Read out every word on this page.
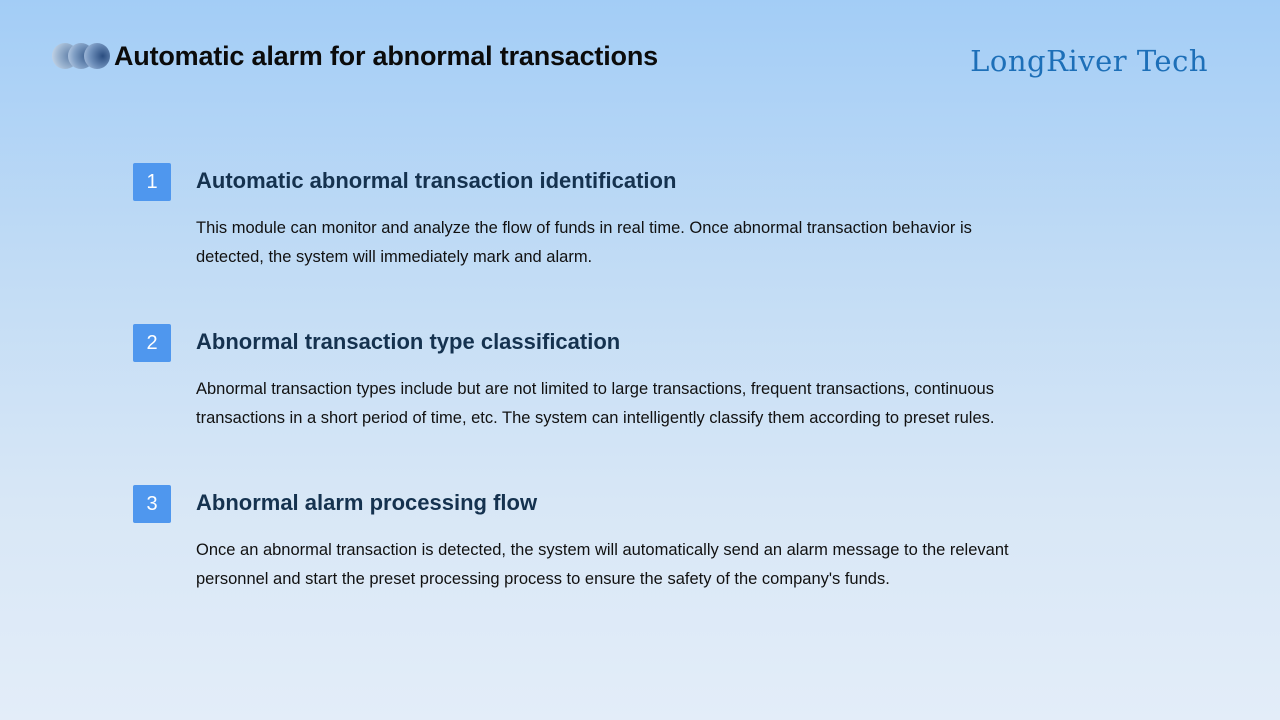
Automatic alarm for abnormal transactions	LongRiver Tech
1	Automatic abnormal transaction identification
This module can monitor and analyze the flow of funds in real time. Once abnormal transaction behavior is detected, the system will immediately mark and alarm.
2	Abnormal transaction type classification
Abnormal transaction types include but are not limited to large transactions, frequent transactions, continuous transactions in a short period of time, etc. The system can intelligently classify them according to preset rules.
3	Abnormal alarm processing flow
Once an abnormal transaction is detected, the system will automatically send an alarm message to the relevant personnel and start the preset processing process to ensure the safety of the company's funds.
